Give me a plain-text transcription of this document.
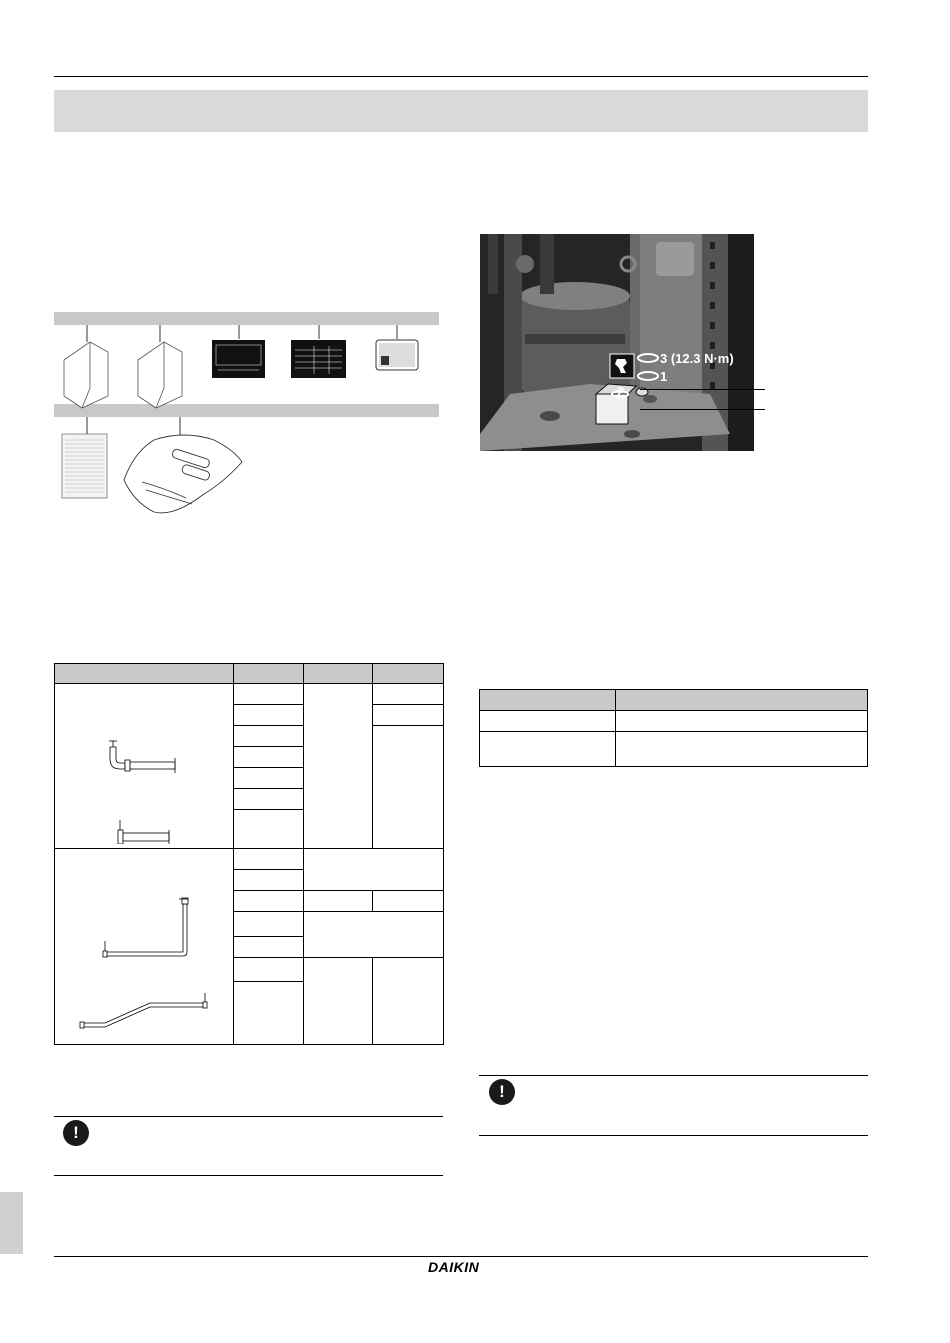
!
3 (12.3 N·m)
1
2

!
DAIKIN
